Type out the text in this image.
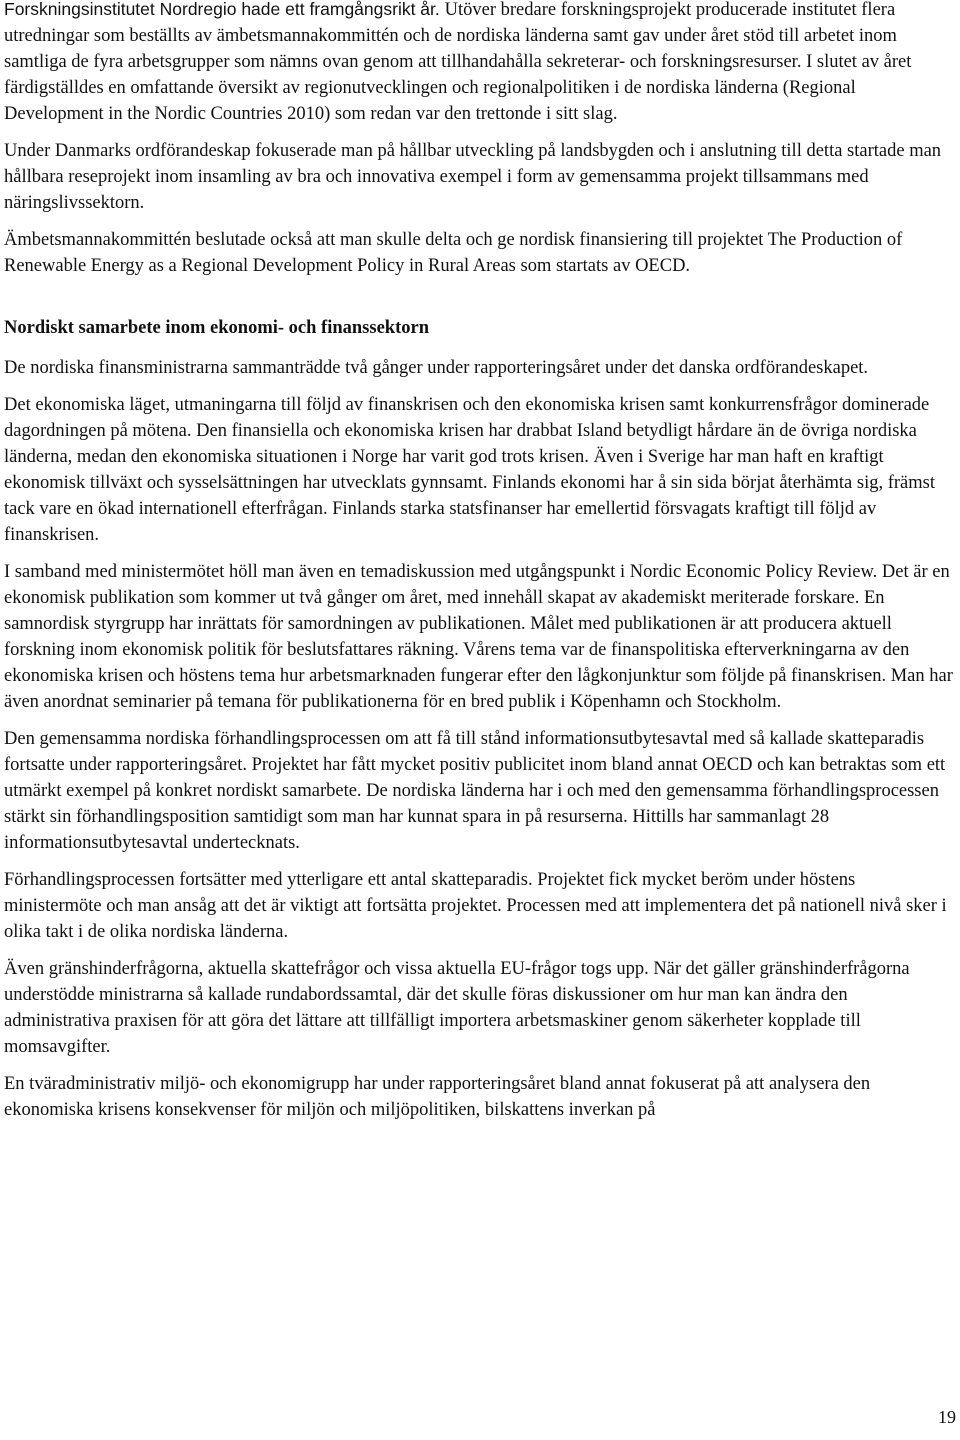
Forskningsinstitutet Nordregio hade ett framgångsrikt år. Utöver bredare forskningsprojekt producerade institutet flera utredningar som beställts av ämbetsmannakommittén och de nordiska länderna samt gav under året stöd till arbetet inom samtliga de fyra arbetsgrupper som nämns ovan genom att tillhandahålla sekreterar- och forskningsresurser. I slutet av året färdigställdes en omfattande översikt av regionutvecklingen och regionalpolitiken i de nordiska länderna (Regional Development in the Nordic Countries 2010) som redan var den trettonde i sitt slag.

Under Danmarks ordförandeskap fokuserade man på hållbar utveckling på landsbygden och i anslutning till detta startade man hållbara reseprojekt inom insamling av bra och innovativa exempel i form av gemensamma projekt tillsammans med näringslivssektorn.

Ämbetsmannakommittén beslutade också att man skulle delta och ge nordisk finansiering till projektet The Production of Renewable Energy as a Regional Development Policy in Rural Areas som startats av OECD.

Nordiskt samarbete inom ekonomi- och finanssektorn

De nordiska finansministrarna sammanträdde två gånger under rapporteringsåret under det danska ordförandeskapet.

Det ekonomiska läget, utmaningarna till följd av finanskrisen och den ekonomiska krisen samt konkurrensfrågor dominerade dagordningen på mötena. Den finansiella och ekonomiska krisen har drabbat Island betydligt hårdare än de övriga nordiska länderna, medan den ekonomiska situationen i Norge har varit god trots krisen. Även i Sverige har man haft en kraftigt ekonomisk tillväxt och sysselsättningen har utvecklats gynnsamt. Finlands ekonomi har å sin sida börjat återhämta sig, främst tack vare en ökad internationell efterfrågan. Finlands starka statsfinanser har emellertid försvagats kraftigt till följd av finanskrisen.

I samband med ministermötet höll man även en temadiskussion med utgångspunkt i Nordic Economic Policy Review. Det är en ekonomisk publikation som kommer ut två gånger om året, med innehåll skapat av akademiskt meriterade forskare. En samnordisk styrgrupp har inrättats för samordningen av publikationen. Målet med publikationen är att producera aktuell forskning inom ekonomisk politik för beslutsfattares räkning. Vårens tema var de finanspolitiska efterverkningarna av den ekonomiska krisen och höstens tema hur arbetsmarknaden fungerar efter den lågkonjunktur som följde på finanskrisen. Man har även anordnat seminarier på temana för publikationerna för en bred publik i Köpenhamn och Stockholm.

Den gemensamma nordiska förhandlingsprocessen om att få till stånd informationsutbytesavtal med så kallade skatteparadis fortsatte under rapporteringsåret. Projektet har fått mycket positiv publicitet inom bland annat OECD och kan betraktas som ett utmärkt exempel på konkret nordiskt samarbete. De nordiska länderna har i och med den gemensamma förhandlingsprocessen stärkt sin förhandlingsposition samtidigt som man har kunnat spara in på resurserna. Hittills har sammanlagt 28 informationsutbytesavtal undertecknats.

Förhandlingsprocessen fortsätter med ytterligare ett antal skatteparadis. Projektet fick mycket beröm under höstens ministermöte och man ansåg att det är viktigt att fortsätta projektet. Processen med att implementera det på nationell nivå sker i olika takt i de olika nordiska länderna.

Även gränshinderfrågorna, aktuella skattefrågor och vissa aktuella EU-frågor togs upp. När det gäller gränshinderfrågorna understödde ministrarna så kallade rundabordssamtal, där det skulle föras diskussioner om hur man kan ändra den administrativa praxisen för att göra det lättare att tillfälligt importera arbetsmaskiner genom säkerheter kopplade till momsavgifter.

En tväradministrativ miljö- och ekonomigrupp har under rapporteringsåret bland annat fokuserat på att analysera den ekonomiska krisens konsekvenser för miljön och miljöpolitiken, bilskattens inverkan på

19
